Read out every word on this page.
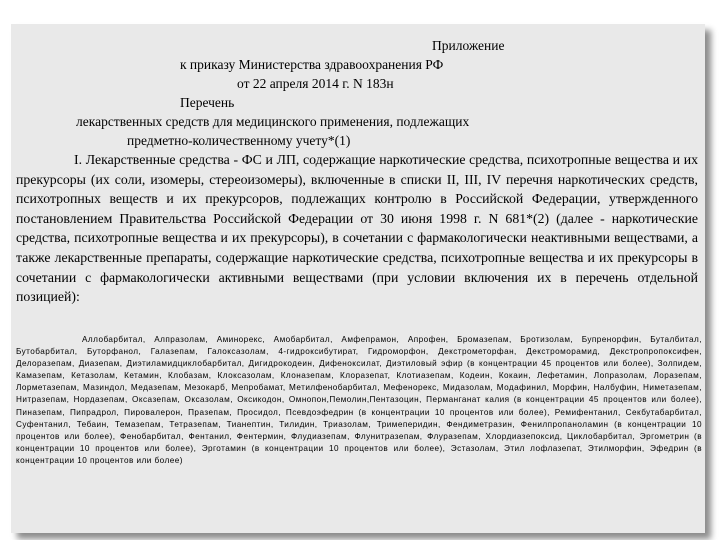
Приложение
к приказу Министерства здравоохранения РФ
от 22 апреля 2014 г. N 183н
Перечень
лекарственных средств для медицинского применения, подлежащих
предметно-количественному учету*(1)

I. Лекарственные средства - ФС и ЛП, содержащие наркотические средства, психотропные вещества и их прекурсоры (их соли, изомеры, стереоизомеры), включенные в списки II, III, IV перечня наркотических средств, психотропных веществ и их прекурсоров, подлежащих контролю в Российской Федерации, утвержденного постановлением Правительства Российской Федерации от 30 июня 1998 г. N 681*(2) (далее - наркотические средства, психотропные вещества и их прекурсоры), в сочетании с фармакологически неактивными веществами, а также лекарственные препараты, содержащие наркотические средства, психотропные вещества и их прекурсоры в сочетании с фармакологически активными веществами (при условии включения их в перечень отдельной позицией):

Аллобарбитал, Алпразолам, Аминорекс, Амобарбитал, Амфепрамон, Апрофен, Бромазепам, Бротизолам, Бупренорфин, Буталбитал, Бутобарбитал, Буторфанол, Галазепам, Галоксазолам, 4-гидроксибутират, Гидроморфон, Декстрометорфан, Декстроморамид, Декстропропоксифен, Делоразепам, Диазепам, Диэтиламидциклобарбитал, Дигидрокодеин, Дифеноксилат, Диэтиловый эфир (в концентрации 45 процентов или более), Золпидем, Камазепам, Кетазолам, Кетамин, Клобазам, Клоксазолам, Клоназепам, Клоразепат, Клотиазепам, Кодеин, Кокаин, Лефетамин, Лопразолам, Лоразепам, Лорметазепам, Мазиндол, Медазепам, Мезокарб, Мепробамат, Метилфенобарбитал, Мефенорекс, Мидазолам, Модафинил, Морфин, Налбуфин, Ниметазепам, Нитразепам, Нордазепам, Оксазепам, Оксазолам, Оксикодон, Омнопон,Пемолин,Пентазоцин, Перманганат калия (в концентрации 45 процентов или более), Пиназепам, Пипрадрол, Пировалерон, Празепам, Просидол, Псевдоэфедрин (в концентрации 10 процентов или более), Ремифентанил, Секбутабарбитал, Суфентанил, Тебаин, Темазепам, Тетразепам, Тианептин, Тилидин, Триазолам, Тримеперидин, Фендиметразин, Фенилпропаноламин (в концентрации 10 процентов или более), Фенобарбитал, Фентанил, Фентермин, Флудиазепам, Флунитразепам, Флуразепам, Хлордиазепоксид, Циклобарбитал, Эргометрин (в концентрации 10 процентов или более), Эрготамин (в концентрации 10 процентов или более), Эстазолам, Этил лофлазепат, Этилморфин, Эфедрин (в концентрации 10 процентов или более)
